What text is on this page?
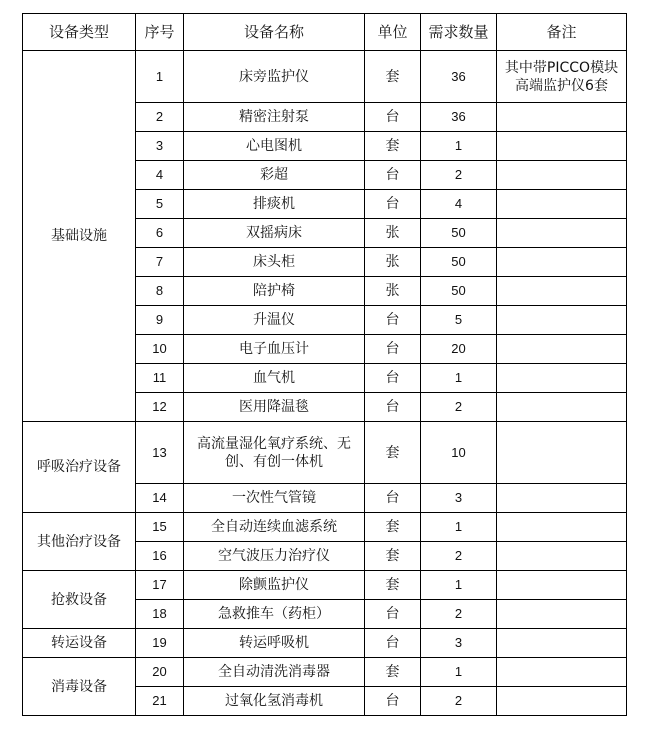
设备类型	序号	设备名称	单位	需求数量	备注
基础设施	1	床旁监护仪	套	36	其中带PICCO模块高端监护仪6套
	2	精密注射泵	台	36	
	3	心电图机	套	1	
	4	彩超	台	2	
	5	排痰机	台	4	
	6	双摇病床	张	50	
	7	床头柜	张	50	
	8	陪护椅	张	50	
	9	升温仪	台	5	
	10	电子血压计	台	20	
	11	血气机	台	1	
	12	医用降温毯	台	2	
呼吸治疗设备	13	高流量湿化氧疗系统、无创、有创一体机	套	10	
	14	一次性气管镜	台	3	
其他治疗设备	15	全自动连续血滤系统	套	1	
	16	空气波压力治疗仪	套	2	
抢救设备	17	除颤监护仪	套	1	
	18	急救推车（药柜）	台	2	
转运设备	19	转运呼吸机	台	3	
消毒设备	20	全自动清洗消毒器	套	1	
	21	过氧化氢消毒机	台	2	
